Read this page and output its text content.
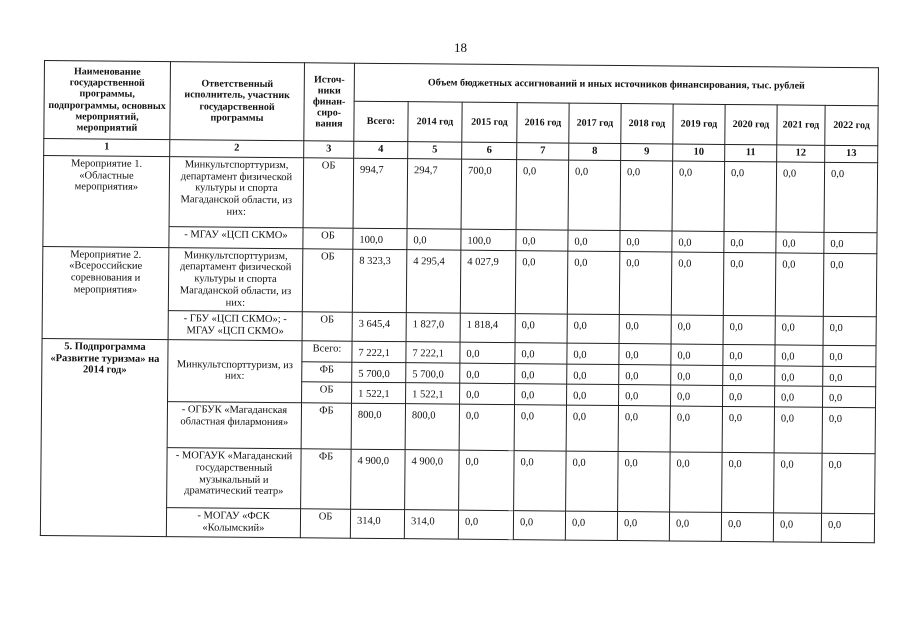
18
Наименование государственной программы, подпрограммы, основных мероприятий, мероприятий	Ответственный исполнитель, участник государственной программы	Источ-ники финан-сиро-вания	Объем бюджетных ассигнований и иных источников финансирования, тыс. рублей									
			Всего:	2014 год	2015 год	2016 год	2017 год	2018 год	2019 год	2020 год	2021 год	2022 год
1	2	3	4	5	6	7	8	9	10	11	12	13
Мероприятие 1. «Областные мероприятия»	Минкультспорттуризм, департамент физической культуры и спорта Магаданской области, из них:	ОБ	994,7	294,7	700,0	0,0	0,0	0,0	0,0	0,0	0,0	0,0
	- МГАУ «ЦСП СКМО»	ОБ	100,0	0,0	100,0	0,0	0,0	0,0	0,0	0,0	0,0	0,0
Мероприятие 2. «Всероссийские соревнования и мероприятия»	Минкультспорттуризм, департамент физической культуры и спорта Магаданской области, из них:	ОБ	8 323,3	4 295,4	4 027,9	0,0	0,0	0,0	0,0	0,0	0,0	0,0
	- ГБУ «ЦСП СКМО»; - МГАУ «ЦСП СКМО»	ОБ	3 645,4	1 827,0	1 818,4	0,0	0,0	0,0	0,0	0,0	0,0	0,0
5. Подпрограмма «Развитие туризма» на 2014 год»	Минкультспорттуризм, из них:	Всего:	7 222,1	7 222,1	0,0	0,0	0,0	0,0	0,0	0,0	0,0	0,0
		ФБ	5 700,0	5 700,0	0,0	0,0	0,0	0,0	0,0	0,0	0,0	0,0
		ОБ	1 522,1	1 522,1	0,0	0,0	0,0	0,0	0,0	0,0	0,0	0,0
	- ОГБУК «Магаданская областная филармония»	ФБ	800,0	800,0	0,0	0,0	0,0	0,0	0,0	0,0	0,0	0,0
	- МОГАУК «Магаданский государственный музыкальный и драматический театр»	ФБ	4 900,0	4 900,0	0,0	0,0	0,0	0,0	0,0	0,0	0,0	0,0
	- МОГАУ «ФСК «Колымский»	ОБ	314,0	314,0	0,0	0,0	0,0	0,0	0,0	0,0	0,0	0,0
